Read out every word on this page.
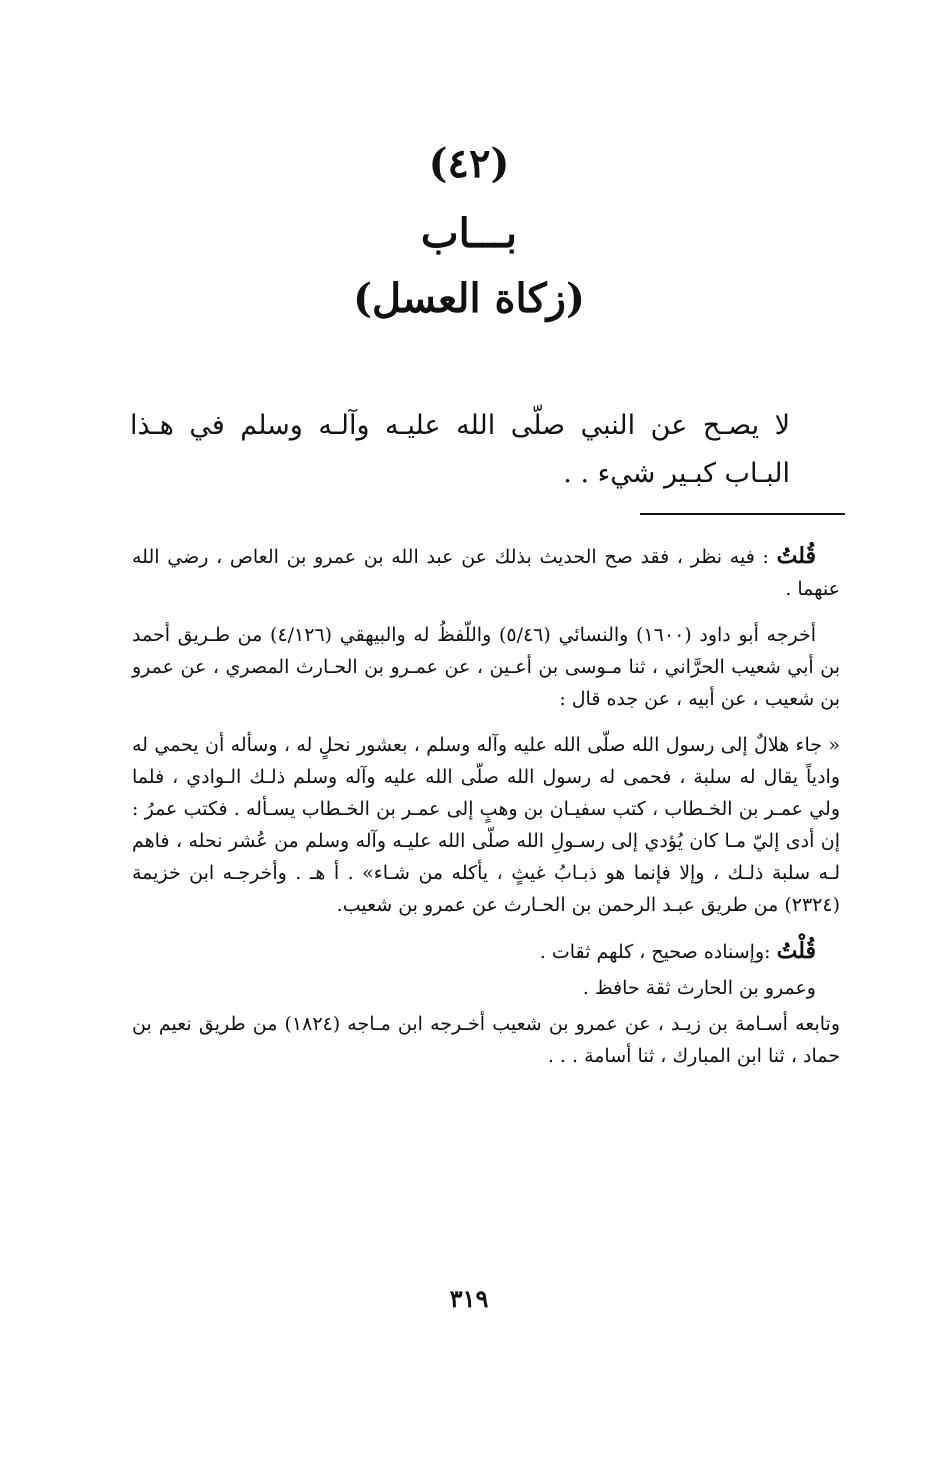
(٤٢)
بـــاب
(زكاة العسل)
لا يصـح عن النبي صلّى الله عليـه وآلـه وسلم في هـذا البـاب كبـير شيء . .

قُلتُ : فيه نظر ، فقد صح الحديث بذلك عن عبد الله بن عمرو بن العاص ، رضي الله عنهما .

أخرجه أبو داود (١٦٠٠) والنسائي (٥/٤٦) واللّفظُ له والبيهقي (٤/١٢٦) من طـريق أحمد بن أبي شعيب الحرَّاني ، ثنا مـوسى بن أعـين ، عن عمـرو بن الحـارث المصري ، عن عمرو بن شعيب ، عن أبيه ، عن جده قال :

« جاء هلالٌ إلى رسول الله صلّى الله عليه وآله وسلم ، بعشور نحلٍ له ، وسأله أن يحمي له وادياً يقال له سلبة ، فحمى له رسول الله صلّى الله عليه وآله وسلم ذلـك الـوادي ، فلما ولي عمـر بن الخـطاب ، كتب سفيـان بن وهبٍ إلى عمـر بن الخـطاب يسـأله . فكتب عمرُ : إن أدى إليّ مـا كان يُؤدي إلى رسـولِ الله صلّى الله عليـه وآله وسلم من عُشر نحله ، فاهم لـه سلبة ذلـك ، وإلا فإنما هو ذبـابُ غيثٍ ، يأكله من شـاء» . أ هـ . وأخرجـه ابن خزيمة (٢٣٢٤) من طريق عبـد الرحمن بن الحـارث عن عمرو بن شعيب.

قُلْتُ :وإسناده صحيح ، كلهم ثقات .

وعمرو بن الحارث ثقة حافظ .

وتابعه أسـامة بن زيـد ، عن عمرو بن شعيب أخـرجه ابن مـاجه (١٨٢٤) من طريق نعيم بن حماد ، ثنا ابن المبارك ، ثنا أسامة . . .

٣١٩
